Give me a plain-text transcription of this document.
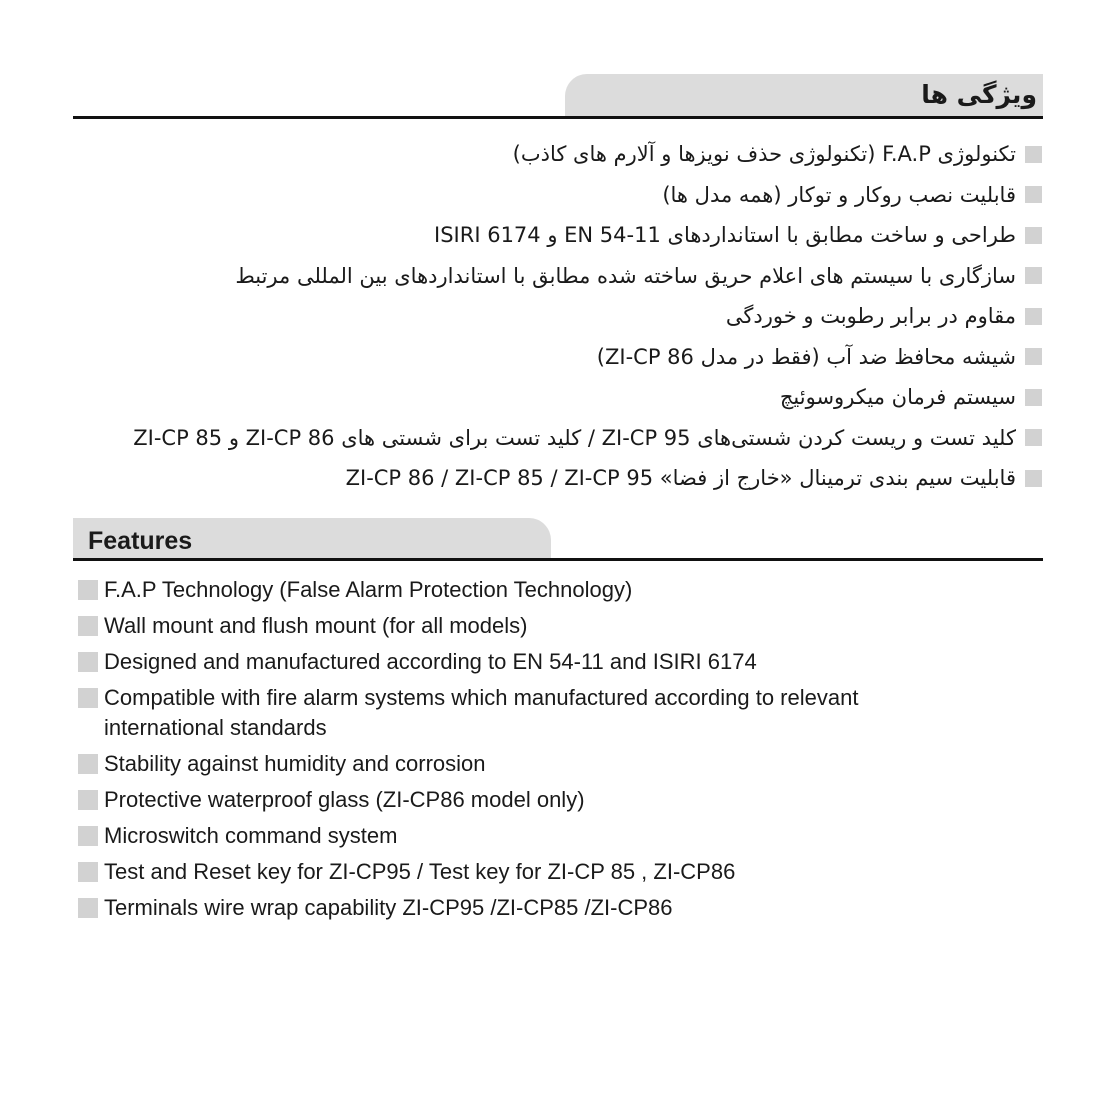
ویژگی ها
تکنولوژی F.A.P (تکنولوژی حذف نویزها و آلارم های کاذب)
قابلیت نصب روکار و توکار (همه مدل ها)
طراحی و ساخت مطابق با استانداردهای EN 54-11 و ISIRI 6174
سازگاری با سیستم های اعلام حریق ساخته شده مطابق با استانداردهای بین المللی مرتبط
مقاوم در برابر رطوبت و خوردگی
شیشه محافظ ضد آب (فقط در مدل ZI-CP 86)
سیستم فرمان میکروسوئیچ
کلید تست و ریست کردن شستی‌های ZI-CP 95 / کلید تست برای شستی های ZI-CP 86 و ZI-CP 85
قابلیت سیم بندی ترمینال «خارج از فضا» ZI-CP 86 / ZI-CP 85 / ZI-CP 95
Features
F.A.P Technology (False Alarm Protection Technology)
Wall mount and flush mount (for all models)
Designed and manufactured according to EN 54-11 and ISIRI 6174
Compatible with fire alarm systems which manufactured according to relevant
international standards
Stability against humidity and corrosion
Protective waterproof glass (ZI-CP86 model only)
Microswitch command system
Test and Reset key for ZI-CP95 / Test key for ZI-CP 85 , ZI-CP86
Terminals wire wrap capability ZI-CP95 /ZI-CP85 /ZI-CP86
